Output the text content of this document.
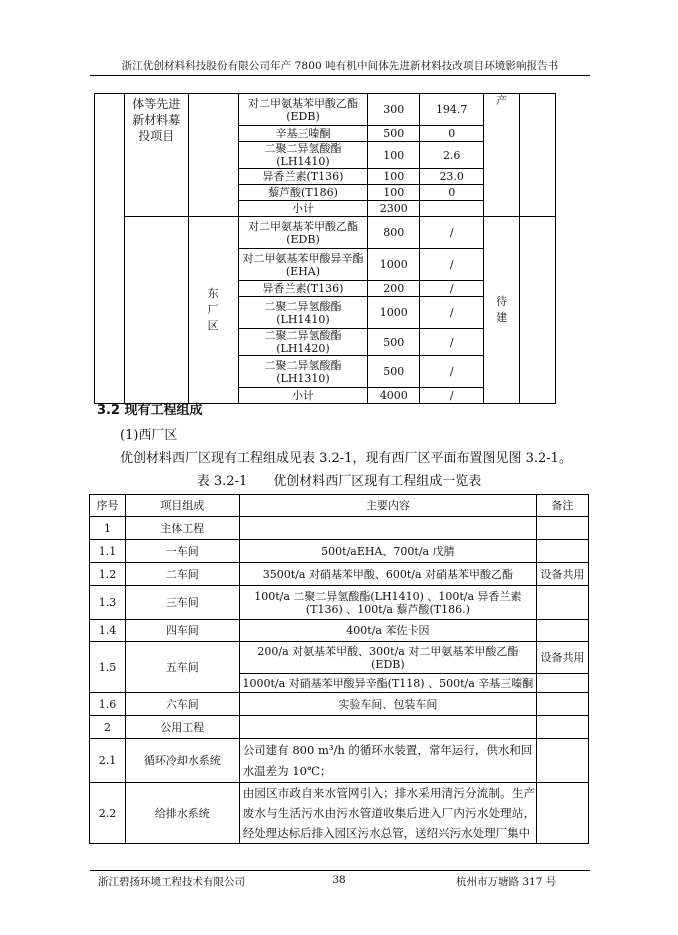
浙江优创材料科技股份有限公司年产 7800 吨有机中间体先进新材料技改项目环境影响报告书

	体等先进新材料募投项目		对二甲氨基苯甲酸乙酯(EDB)	300	194.7	产	
			辛基三嗪酮	500	0		
			二聚二异氢酸酯(LH1410)	100	2.6		
			异香兰素(T136)	100	23.0		
			藜芦酸(T186)	100	0		
			小计	2300			

		东厂区	对二甲氨基苯甲酸乙酯(EDB)	800	/	待建	

			对二甲氨基苯甲酸异辛酯(EHA)	1000	/		
			异香兰素(T136)	200	/		
			二聚二异氢酸酯(LH1410)	1000	/		
			二聚二异氢酸酯(LH1420)	500	/		
			二聚二异氢酸酯(LH1310)	500	/		
			小计	4000	/		
3.2 现有工程组成
(1)西厂区
优创材料西厂区现有工程组成见表 3.2-1，现有西厂区平面布置图见图 3.2-1。
表 3.2-1　　优创材料西厂区现有工程组成一览表
序号	项目组成	主要内容	备注
1	主体工程		
1.1	一车间	500t/aEHA、700t/a 戊腈	
1.2	二车间	3500t/a 对硝基苯甲酸、600t/a 对硝基苯甲酸乙酯	设备共用
1.3	三车间	100t/a 二聚二异氢酸酯(LH1410) 、100t/a 异香兰素(T136) 、100t/a 藜芦酸(T186.)	

1.4	四车间	400t/a 苯佐卡因	
1.5	五车间	200/a 对氨基苯甲酸、300t/a 对二甲氨基苯甲酸乙酯(EDB)	设备共用
		1000t/a 对硝基苯甲酸异辛酯(T118) 、500t/a 辛基三嗪酮	
1.6	六车间	实验车间、包装车间	
2	公用工程		
2.1	循环冷却水系统	公司建有 800 m³/h 的循环水装置，常年运行，供水和回水温差为 10℃；	

2.2	给排水系统	由园区市政自来水管网引入；排水采用清污分流制。生产废水与生活污水由污水管道收集后进入厂内污水处理站，经处理达标后排入园区污水总管，送绍兴污水处理厂集中	

浙江碧扬环境工程技术有限公司	38	杭州市万塘路 317 号
